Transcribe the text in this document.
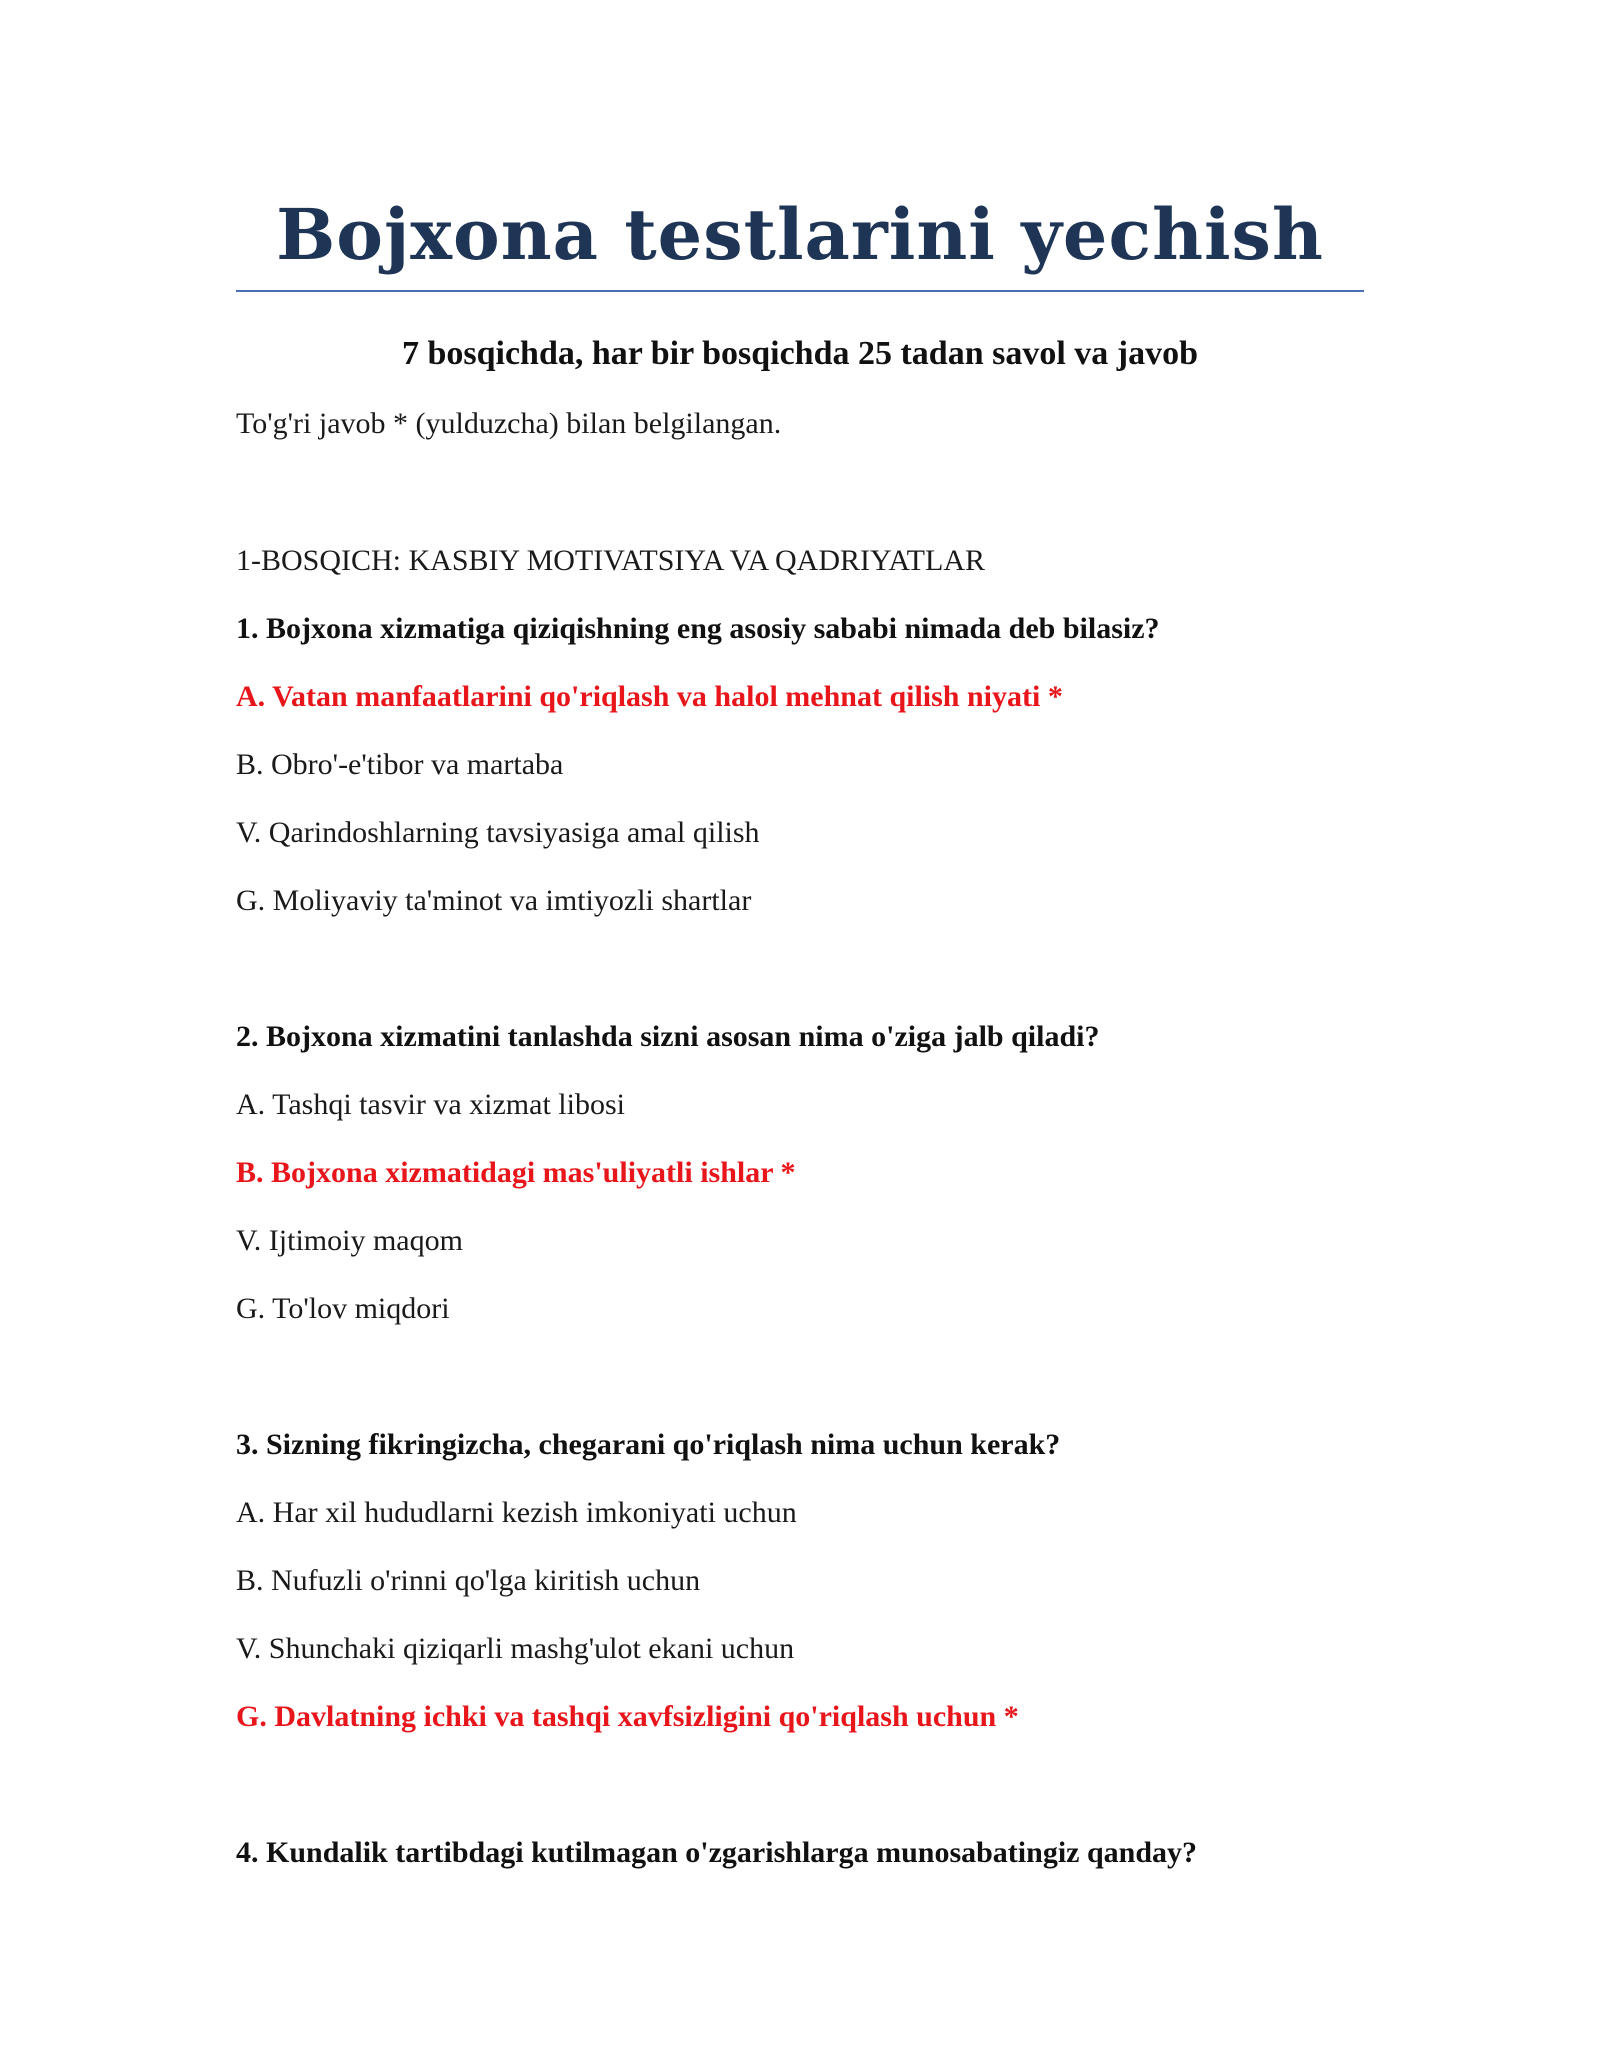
Bojxona testlarini yechish
7 bosqichda, har bir bosqichda 25 tadan savol va javob
To'g'ri javob * (yulduzcha) bilan belgilangan.
1-BOSQICH: KASBIY MOTIVATSIYA VA QADRIYATLAR

1. Bojxona xizmatiga qiziqishning eng asosiy sababi nimada deb bilasiz?

A. Vatan manfaatlarini qo'riqlash va halol mehnat qilish niyati *
B. Obro'-e'tibor va martaba
V. Qarindoshlarning tavsiyasiga amal qilish
G. Moliyaviy ta'minot va imtiyozli shartlar

2. Bojxona xizmatini tanlashda sizni asosan nima o'ziga jalb qiladi?

A. Tashqi tasvir va xizmat libosi
B. Bojxona xizmatidagi mas'uliyatli ishlar *
V. Ijtimoiy maqom
G. To'lov miqdori

3. Sizning fikringizcha, chegarani qo'riqlash nima uchun kerak?

A. Har xil hududlarni kezish imkoniyati uchun
B. Nufuzli o'rinni qo'lga kiritish uchun
V. Shunchaki qiziqarli mashg'ulot ekani uchun
G. Davlatning ichki va tashqi xavfsizligini qo'riqlash uchun *

4. Kundalik tartibdagi kutilmagan o'zgarishlarga munosabatingiz qanday?
